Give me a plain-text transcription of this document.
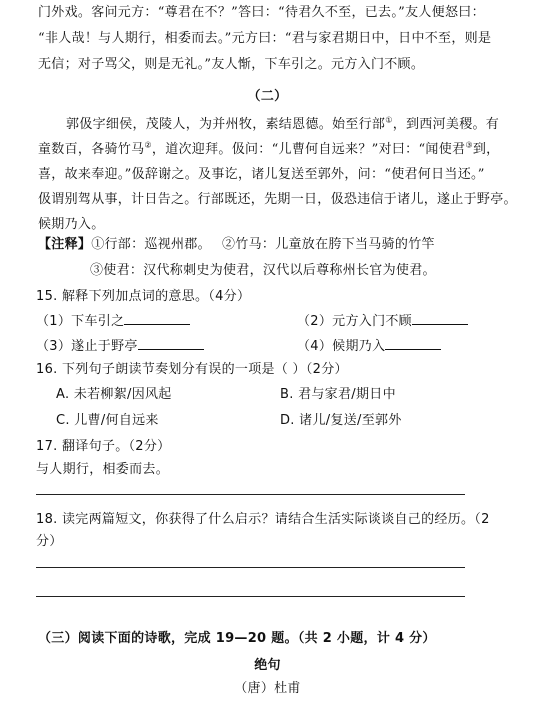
门外戏。客问元方：“尊君在不？”答曰：“待君久不至，已去。”友人便怒曰：
“非人哉！与人期行，相委而去。”元方曰：“君与家君期日中，日中不至，则是
无信；对子骂父，则是无礼。”友人惭，下车引之。元方入门不顾。
（二）
郭伋字细侯，茂陵人，为并州牧，素结恩德。始至行部①，到西河美稷。有
童数百，各骑竹马②，道次迎拜。伋问：“儿曹何自远来？”对曰：“闻使君③到，
喜，故来奉迎。”伋辞谢之。及事讫，诸儿复送至郭外，问：“使君何日当还。”
伋谓别驾从事，计日告之。行部既还，先期一日，伋恐违信于诸儿，遂止于野亭。
候期乃入。
【注释】①行部：巡视州郡。 ②竹马：儿童放在胯下当马骑的竹竿
③使君：汉代称刺史为使君，汉代以后尊称州长官为使君。
15. 解释下列加点词的意思。（4分）
（1）下车引之	（2）元方入门不顾
（3）遂止于野亭	（4）候期乃入
16. 下列句子朗读节奏划分有误的一项是（ ）（2分）
A. 未若柳絮/因风起	B. 君与家君/期日中
C. 儿曹/何自远来	D. 诸儿/复送/至郭外
17. 翻译句子。（2分）
与人期行，相委而去。
18. 读完两篇短文，你获得了什么启示？请结合生活实际谈谈自己的经历。（2
分）
（三）阅读下面的诗歌，完成 19—20 题。（共 2 小题，计 4 分）
绝句
（唐）杜甫
